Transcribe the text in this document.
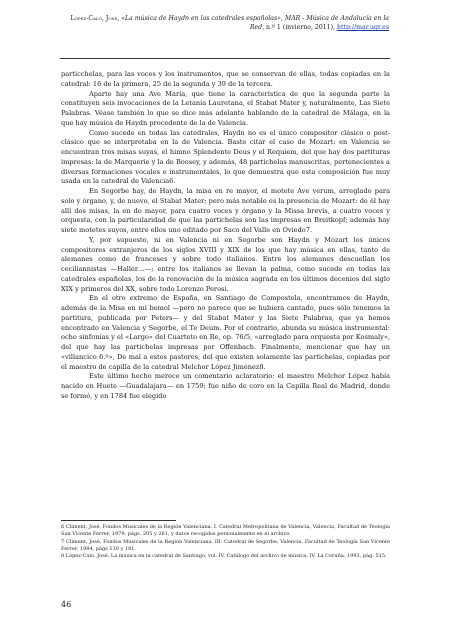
López-Calo, José, «La música de Haydn en las catedrales españolas», MAR - Música de Andalucía en la Red, n.º 1 (invierno, 2011), http://mar.ugr.es

particchelas, para las voces y los instrumentos, que se conservan de ellas, todas copiadas en la catedral: 16 de la primera, 25 de la segunda y 39 de la tercera.

Aparte hay una Ave María, que tiene la característica de que la segunda parte la constituyen seis invocaciones de la Letanía Lauretana, el Stabat Mater y, naturalmente, Las Siete Palabras. Véase también lo que se dice más adelante hablando de la catedral de Málaga, en la que hay música de Haydn procedente de la de Valencia.

Como sucede en todas las catedrales, Haydn no es el único compositor clásico o post-clásico que se interpretaba en la de Valencia. Baste citar el caso de Mozart: en Valencia se encuentran tres misas suyas, el himno Splendente Deus y el Requiem, del que hay dos partituras impresas: la de Marquerie y la de Boosey, y además, 48 partichelas manuscritas, pertenecientes a diversas formaciones vocales e instrumentales, lo que demuestra que esta composición fue muy usada en la catedral de Valencia6.

En Segorbe hay, de Haydn, la misa en re mayor, el motete Ave verum, arreglado para solo y órgano, y, de nuevo, el Stabat Mater; pero más notable es la presencia de Mozart: de él hay allí dos misas, la en do mayor, para cuatro voces y órgano y la Missa brevis, a cuatro voces y orquesta, con la particularidad de que las partichelas son las impresas en Breitkopf; además hay siete motetes suyos, entre ellos uno editado por Saco del Valle en Oviedo7.

Y, por supuesto, ni en Valencia ni en Segorbe son Haydn y Mozart los únicos compositores extranjeros de los siglos XVIII y XIX de los que hay música en ellas, tanto de alemanes como de franceses y sobre todo italianos. Entre los alemanes descuellan los ceciliannistas —Haller…—; entre los italianos se llevan la palma, como sucede en todas las catedrales españolas, los de la renovación de la música sagrada en los últimos decenios del siglo XIX y primeros del XX, sobre todo Lorenzo Perosi.

En el otro extremo de España, en Santiago de Compostela, encontramos de Haydn, además de la Misa en mi bemol —pero no parece que se hubiera cantado, pues sólo tenemos la partitura, publicada por Peters— y del Stabat Mater y las Siete Palabras, que ya hemos encontrado en Valencia y Segorbe, el Te Deum. Por el contrario, abunda su música instrumental: ocho sinfonías y el «Largo» del Cuarteto en Re, op. 76/5, «arreglado para orquesta por Kosmaly», del que hay las partichelas impresas por Offenbach. Finalmente, mencionar que hay un «villancico 6.º», De mal a estos pastores, del que existen solamente las partichelas, copiadas por el maestro de capilla de la catedral Melchor López Jiménez8.

Este último hecho merece un comentario aclaratorio: el maestro Melchor López había nacido en Huete —Guadalajara— en 1759; fue niño de coro en la Capilla Real de Madrid, donde se formó, y en 1784 fue elegido

6 Climent, José, Fondos Musicales de la Región Valenciana. I. Catedral Metropolitana de Valencia, Valencia, Facultad de Teología San Vicente Ferrer, 1979, págs. 205 y 261, y datos recogidos personalmente en el archivo.

7 Climent, José, Fondos Musicales de la Región Valenciana. III. Catedral de Segorbe, Valencia, Facultad de Teología San Vicente Ferrer, 1984, págs 130 y 181.

8 López-Calo, José, La música en la catedral de Santiago, vol. IV, Catálogo del archivo de música, IV, La Coruña, 1993, pág. 515.

46
